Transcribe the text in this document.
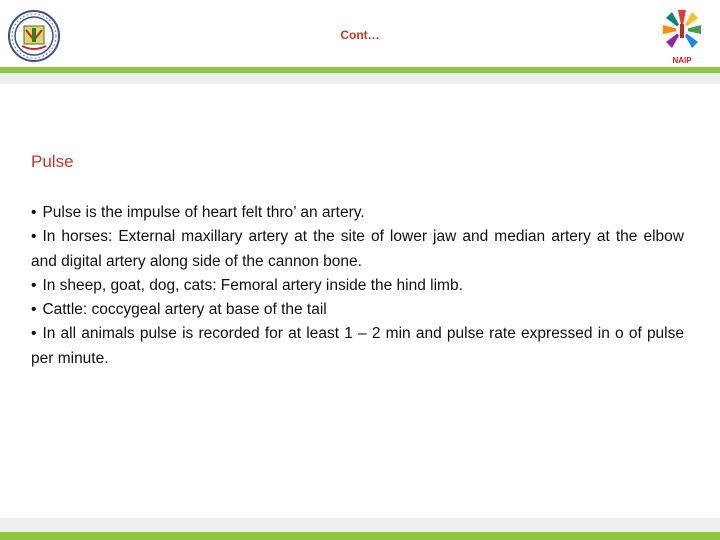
Cont…
NAIP
Pulse

• Pulse is the impulse of heart felt thro’ an artery.

• In horses: External maxillary artery at the site of lower jaw and median artery at the elbow and digital artery along side of the cannon bone.

• In sheep, goat, dog, cats: Femoral artery inside the hind limb.

• Cattle: coccygeal artery at base of the tail

• In all animals pulse is recorded for at least 1 – 2 min and pulse rate expressed in o of pulse per minute.
